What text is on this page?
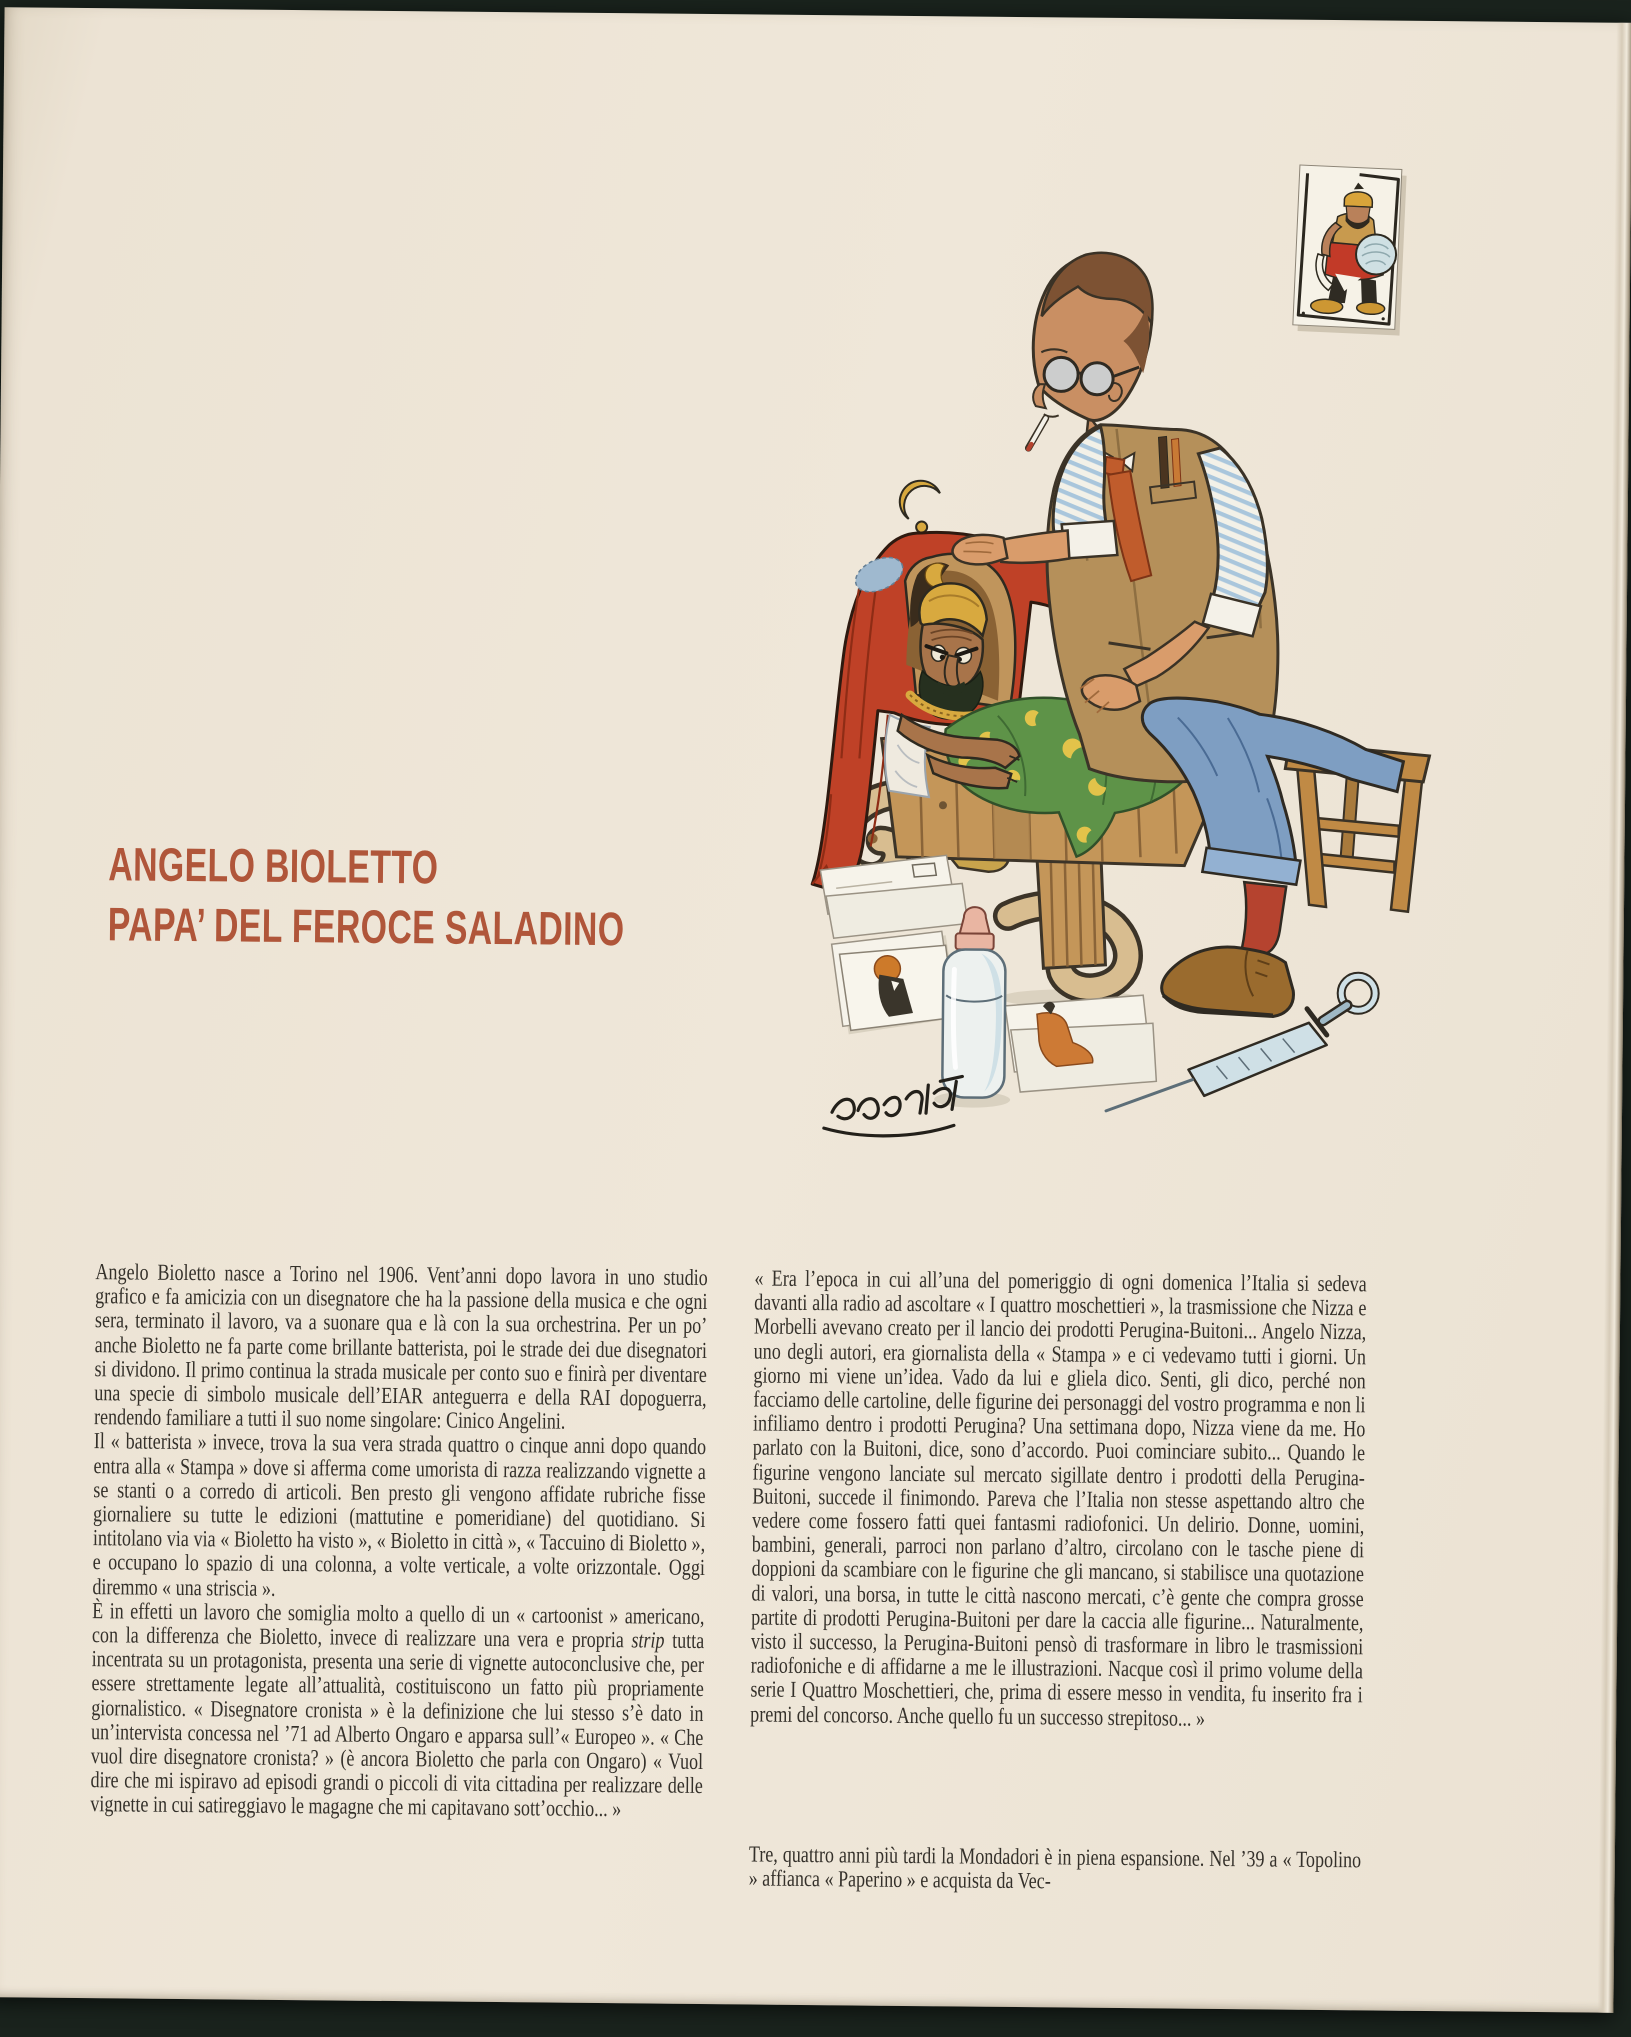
ANGELO BIOLETTO
PAPA’ DEL FEROCE SALADINO

Angelo Bioletto nasce a Torino nel 1906. Vent’anni dopo lavora in uno studio grafico e fa amicizia con un disegnatore che ha la passione della musica e che ogni sera, terminato il lavoro, va a suonare qua e là con la sua orchestrina. Per un po’ anche Bioletto ne fa parte come brillante batterista, poi le strade dei due disegnatori si dividono. Il primo continua la strada musicale per conto suo e finirà per diventare una specie di simbolo musicale dell’EIAR anteguerra e della RAI dopoguerra, rendendo familiare a tutti il suo nome singolare: Cinico Angelini.

Il « batterista » invece, trova la sua vera strada quattro o cinque anni dopo quando entra alla « Stampa » dove si afferma come umorista di razza realizzando vignette a se stanti o a corredo di articoli. Ben presto gli vengono affidate rubriche fisse giornaliere su tutte le edizioni (mattutine e pomeridiane) del quotidiano. Si intitolano via via « Bioletto ha visto », « Bioletto in città », « Taccuino di Bioletto », e occupano lo spazio di una colonna, a volte verticale, a volte orizzontale. Oggi diremmo « una striscia ».

È in effetti un lavoro che somiglia molto a quello di un « cartoonist » americano, con la differenza che Bioletto, invece di realizzare una vera e propria strip tutta incentrata su un protagonista, presenta una serie di vignette autoconclusive che, per essere strettamente legate all’attualità, costituiscono un fatto più propriamente giornalistico. « Disegnatore cronista » è la definizione che lui stesso s’è dato in un’intervista concessa nel ’71 ad Alberto Ongaro e apparsa sull’« Europeo ». « Che vuol dire disegnatore cronista? » (è ancora Bioletto che parla con Ongaro) « Vuol dire che mi ispiravo ad episodi grandi o piccoli di vita cittadina per realizzare delle vignette in cui satireggiavo le magagne che mi capitavano sott’occhio... »

« Era l’epoca in cui all’una del pomeriggio di ogni domenica l’Italia si sedeva davanti alla radio ad ascoltare « I quattro moschettieri », la trasmissione che Nizza e Morbelli avevano creato per il lancio dei prodotti Perugina-Buitoni... Angelo Nizza, uno degli autori, era giornalista della « Stampa » e ci vedevamo tutti i giorni. Un giorno mi viene un’idea. Vado da lui e gliela dico. Senti, gli dico, perché non facciamo delle cartoline, delle figurine dei personaggi del vostro programma e non li infiliamo dentro i prodotti Perugina? Una settimana dopo, Nizza viene da me. Ho parlato con la Buitoni, dice, sono d’accordo. Puoi cominciare subito... Quando le figurine vengono lanciate sul mercato sigillate dentro i prodotti della Perugina-Buitoni, succede il finimondo. Pareva che l’Italia non stesse aspettando altro che vedere come fossero fatti quei fantasmi radiofonici. Un delirio. Donne, uomini, bambini, generali, parroci non parlano d’altro, circolano con le tasche piene di doppioni da scambiare con le figurine che gli mancano, si stabilisce una quotazione di valori, una borsa, in tutte le città nascono mercati, c’è gente che compra grosse partite di prodotti Perugina-Buitoni per dare la caccia alle figurine... Naturalmente, visto il successo, la Perugina-Buitoni pensò di trasformare in libro le trasmissioni radiofoniche e di affidarne a me le illustrazioni. Nacque così il primo volume della serie I Quattro Moschettieri, che, prima di essere messo in vendita, fu inserito fra i premi del concorso. Anche quello fu un successo strepitoso... »

Tre, quattro anni più tardi la Mondadori è in piena espansione. Nel ’39 a « Topolino » affianca « Paperino » e acquista da Vec-
